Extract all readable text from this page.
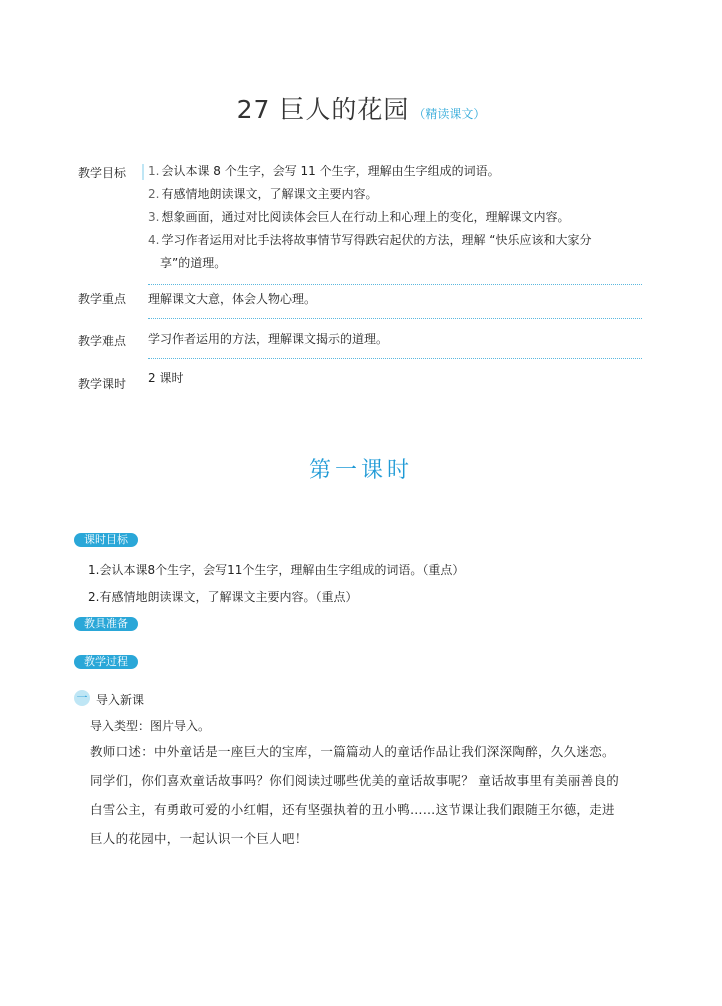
27 巨人的花园 （精读课文）
教学目标 1. 会认本课 8 个生字，会写 11 个生字，理解由生字组成的词语。
2. 有感情地朗读课文，了解课文主要内容。
3. 想象画面，通过对比阅读体会巨人在行动上和心理上的变化，理解课文内容。
4. 学习作者运用对比手法将故事情节写得跌宕起伏的方法，理解 “快乐应该和大家分
享”的道理。
教学重点 理解课文大意，体会人物心理。
教学难点 学习作者运用的方法，理解课文揭示的道理。
教学课时 2 课时
第一课时
课时目标
1.会认本课8个生字，会写11个生字，理解由生字组成的词语。（重点）
2.有感情地朗读课文，了解课文主要内容。（重点）
教具准备
教学过程
一 导入新课
导入类型：图片导入。
教师口述：中外童话是一座巨大的宝库，一篇篇动人的童话作品让我们深深陶醉，久久迷恋。
同学们，你们喜欢童话故事吗？你们阅读过哪些优美的童话故事呢？ 童话故事里有美丽善良的
白雪公主，有勇敢可爱的小红帽，还有坚强执着的丑小鸭……这节课让我们跟随王尔德，走进
巨人的花园中，一起认识一个巨人吧！
